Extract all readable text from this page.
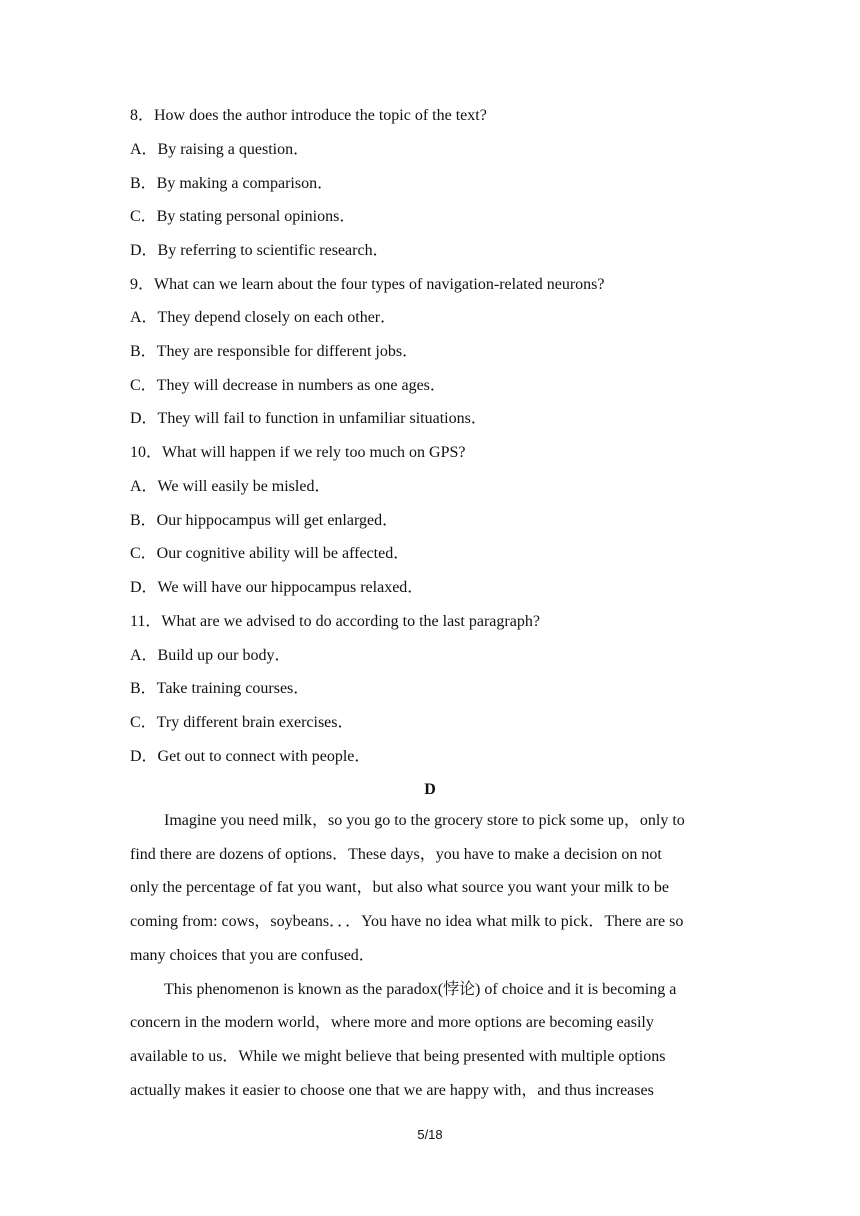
8．How does the author introduce the topic of the text?
A．By raising a question．
B．By making a comparison．
C．By stating personal opinions．
D．By referring to scientific research．
9．What can we learn about the four types of navigation-related neurons?
A．They depend closely on each other．
B．They are responsible for different jobs．
C．They will decrease in numbers as one ages．
D．They will fail to function in unfamiliar situations．
10．What will happen if we rely too much on GPS?
A．We will easily be misled．
B．Our hippocampus will get enlarged．
C．Our cognitive ability will be affected．
D．We will have our hippocampus relaxed．
11．What are we advised to do according to the last paragraph?
A．Build up our body．
B．Take training courses．
C．Try different brain exercises．
D．Get out to connect with people．
D
Imagine you need milk，so you go to the grocery store to pick some up，only to
find there are dozens of options．These days，you have to make a decision on not
only the percentage of fat you want，but also what source you want your milk to be
coming from: cows，soybeans．．．You have no idea what milk to pick．There are so
many choices that you are confused．
This phenomenon is known as the paradox(悖论) of choice and it is becoming a
concern in the modern world，where more and more options are becoming easily
available to us．While we might believe that being presented with multiple options
actually makes it easier to choose one that we are happy with，and thus increases
5/18
